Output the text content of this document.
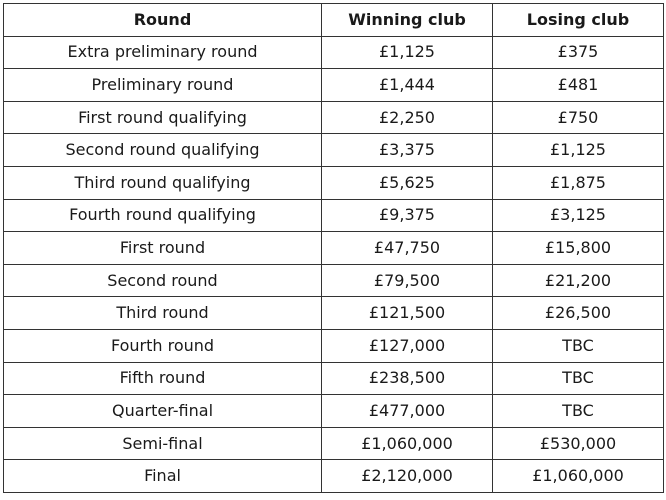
Round	Winning club	Losing club
Extra preliminary round	£1,125	£375
Preliminary round	£1,444	£481
First round qualifying	£2,250	£750
Second round qualifying	£3,375	£1,125
Third round qualifying	£5,625	£1,875
Fourth round qualifying	£9,375	£3,125
First round	£47,750	£15,800
Second round	£79,500	£21,200
Third round	£121,500	£26,500
Fourth round	£127,000	TBC
Fifth round	£238,500	TBC
Quarter-final	£477,000	TBC
Semi-final	£1,060,000	£530,000
Final	£2,120,000	£1,060,000
